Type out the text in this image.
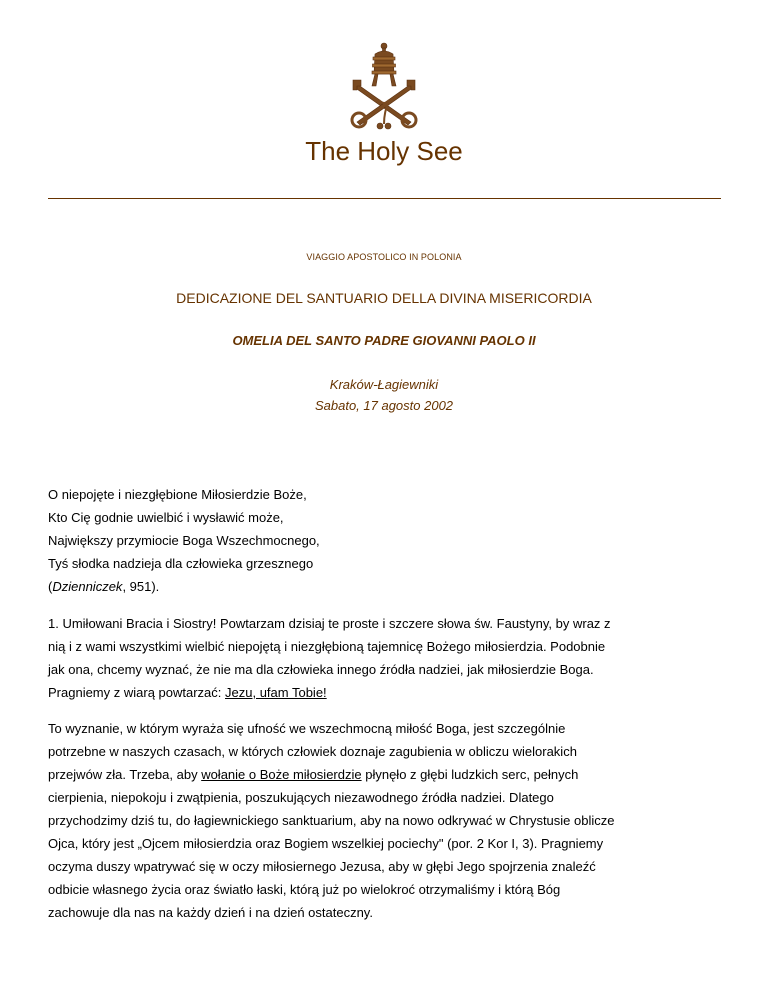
The Holy See
VIAGGIO APOSTOLICO IN POLONIA
DEDICAZIONE DEL SANTUARIO DELLA DIVINA MISERICORDIA
OMELIA DEL SANTO PADRE GIOVANNI PAOLO II
Kraków-Łagiewniki
Sabato, 17 agosto 2002
O niepojęte i niezgłębione Miłosierdzie Boże,
Kto Cię godnie uwielbić i wysławić może,
Największy przymiocie Boga Wszechmocnego,
Tyś słodka nadzieja dla człowieka grzesznego
(Dzienniczek, 951).
1. Umiłowani Bracia i Siostry! Powtarzam dzisiaj te proste i szczere słowa św. Faustyny, by wraz z
nią i z wami wszystkimi wielbić niepojętą i niezgłębioną tajemnicę Bożego miłosierdzia. Podobnie
jak ona, chcemy wyznać, że nie ma dla człowieka innego źródła nadziei, jak miłosierdzie Boga.
Pragniemy z wiarą powtarzać: Jezu, ufam Tobie!
To wyznanie, w którym wyraża się ufność we wszechmocną miłość Boga, jest szczególnie
potrzebne w naszych czasach, w których człowiek doznaje zagubienia w obliczu wielorakich
przejwów zła. Trzeba, aby wołanie o Boże miłosierdzie płynęło z głębi ludzkich serc, pełnych
cierpienia, niepokoju i zwątpienia, poszukujących niezawodnego źródła nadziei. Dlatego
przychodzimy dziś tu, do łagiewnickiego sanktuarium, aby na nowo odkrywać w Chrystusie oblicze
Ojca, który jest „Ojcem miłosierdzia oraz Bogiem wszelkiej pociechy" (por. 2 Kor I, 3). Pragniemy
oczyma duszy wpatrywać się w oczy miłosiernego Jezusa, aby w głębi Jego spojrzenia znaleźć
odbicie własnego życia oraz światło łaski, którą już po wielokroć otrzymaliśmy i którą Bóg
zachowuje dla nas na każdy dzień i na dzień ostateczny.
